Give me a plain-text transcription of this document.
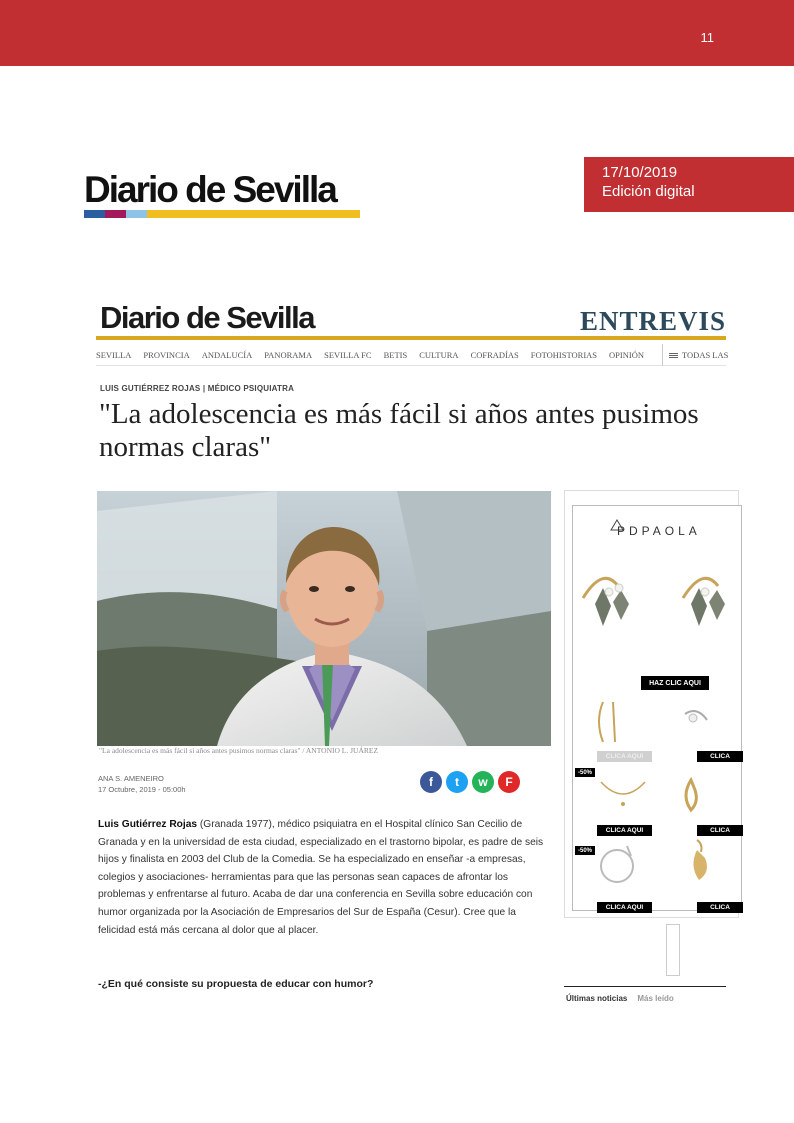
11
Diario de Sevilla	17/10/2019
Edición digital
Diario de Sevilla	ENTREVIS
SEVILLA PROVINCIA ANDALUCÍA PANORAMA SEVILLA FC BETIS CULTURA COFRADÍAS FOTOHISTORIAS OPINIÓN	TODAS LAS
LUIS GUTIÉRREZ ROJAS | MÉDICO PSIQUIATRA
"La adolescencia es más fácil si años antes pusimos normas claras"
"La adolescencia es más fácil si años antes pusimos normas claras" / ANTONIO L. JUÁREZ
ANA S. AMENEIRO
17 Octubre, 2019 - 05:00h
f	t	w	F

Luis Gutiérrez Rojas (Granada 1977), médico psiquiatra en el Hospital clínico San Cecilio de Granada y en la universidad de esta ciudad, especializado en el trastorno bipolar, es padre de seis hijos y finalista en 2003 del Club de la Comedia. Se ha especializado en enseñar -a empresas, colegios y asociaciones- herramientas para que las personas sean capaces de afrontar los problemas y enfrentarse al futuro. Acaba de dar una conferencia en Sevilla sobre educación con humor organizada por la Asociación de Empresarios del Sur de España (Cesur). Cree que la felicidad está más cercana al dolor que al placer.

-¿En qué consiste su propuesta de educar con humor?
PDPAOLA
HAZ CLIC AQUI
CLICA AQUI	CLICA
-50%
CLICA AQUI	CLICA
-50%
CLICA AQUI	CLICA
Últimas noticias Más leído
